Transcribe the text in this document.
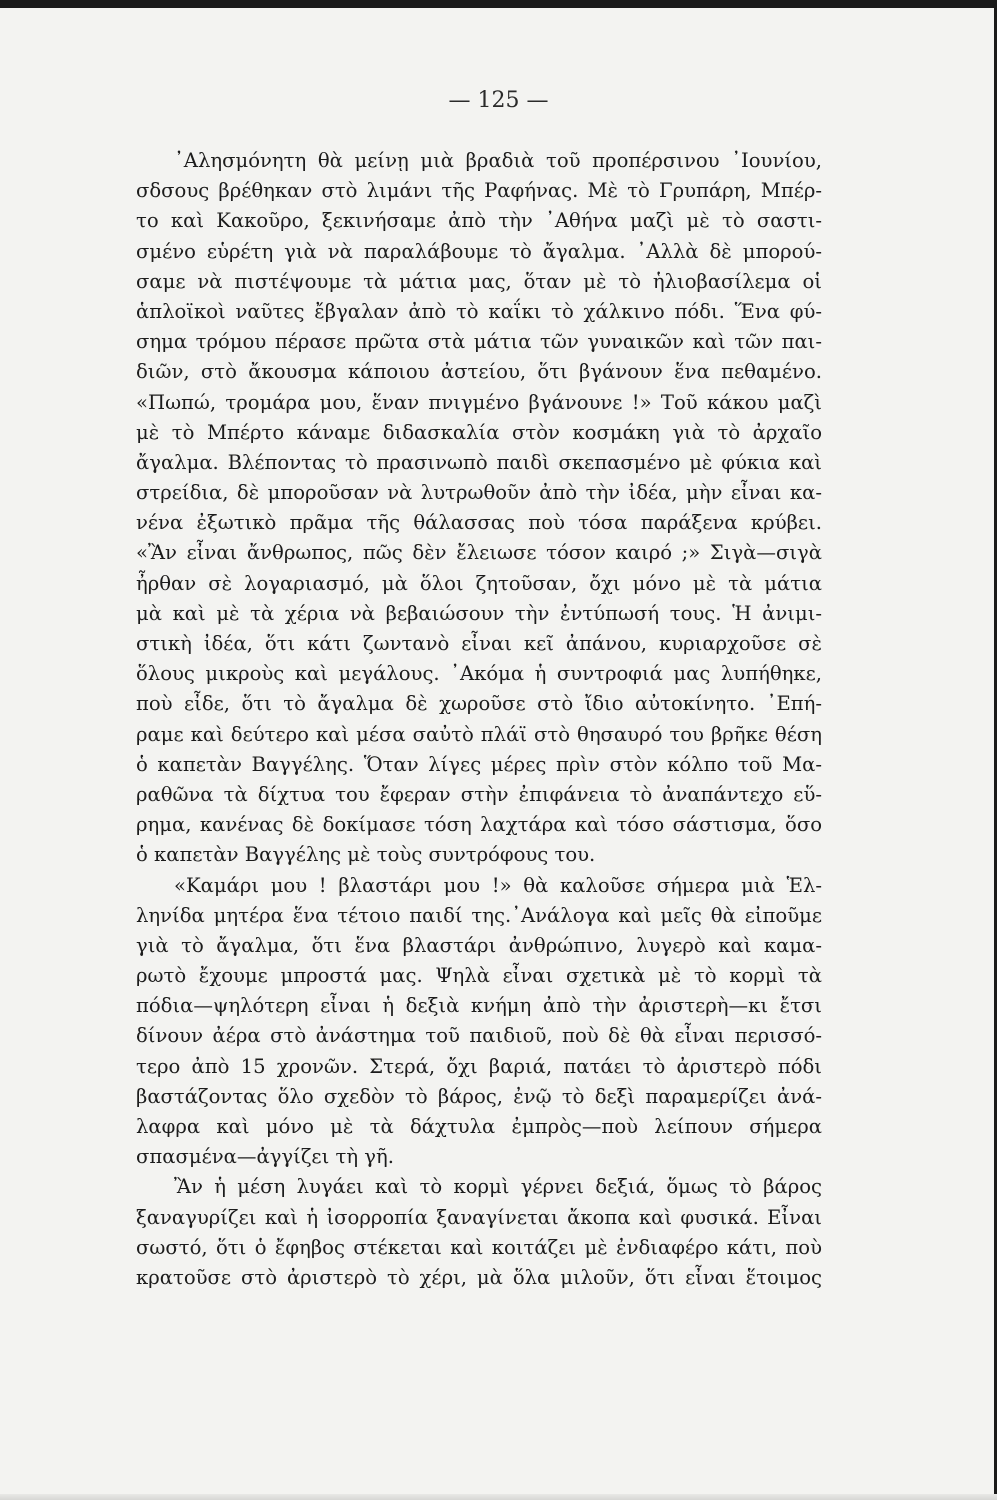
— 125 —
᾿Αλησμόνητη θὰ μείνῃ μιὰ βραδιὰ τοῦ προπέρσινου ᾿Ιουνίου,
σδσους βρέθηκαν στὸ λιμάνι τῆς Ραφήνας. Μὲ τὸ Γρυπάρη, Μπέρ-
το καὶ Κακοῦρο, ξεκινήσαμε ἀπὸ τὴν ᾿Αθήνα μαζὶ μὲ τὸ σαστι-
σμένο εὑρέτη γιὰ νὰ παραλάβουμε τὸ ἄγαλμα. ᾿Αλλὰ δὲ μπορού-
σαμε νὰ πιστέψουμε τὰ μάτια μας, ὅταν μὲ τὸ ἡλιοβασίλεμα οἱ
ἁπλοϊκοὶ ναῦτες ἔβγαλαν ἀπὸ τὸ καΐκι τὸ χάλκινο πόδι. Ἕνα φύ-
σημα τρόμου πέρασε πρῶτα στὰ μάτια τῶν γυναικῶν καὶ τῶν παι-
διῶν, στὸ ἄκουσμα κάποιου ἀστείου, ὅτι βγάνουν ἕνα πεθαμένο.
«Πωπώ, τρομάρα μου, ἕναν πνιγμένο βγάνουνε !» Τοῦ κάκου μαζὶ
μὲ τὸ Μπέρτο κάναμε διδασκαλία στὸν κοσμάκη γιὰ τὸ ἀρχαῖο
ἄγαλμα. Βλέποντας τὸ πρασινωπὸ παιδὶ σκεπασμένο μὲ φύκια καὶ
στρείδια, δὲ μποροῦσαν νὰ λυτρωθοῦν ἀπὸ τὴν ἰδέα, μὴν εἶναι κα-
νένα ἐξωτικὸ πρᾶμα τῆς θάλασσας ποὺ τόσα παράξενα κρύβει.
«Ἂν εἶναι ἄνθρωπος, πῶς δὲν ἔλειωσε τόσον καιρό ;» Σιγὰ—σιγὰ
ἦρθαν σὲ λογαριασμό, μὰ ὅλοι ζητοῦσαν, ὄχι μόνο μὲ τὰ μάτια
μὰ καὶ μὲ τὰ χέρια νὰ βεβαιώσουν τὴν ἐντύπωσή τους. Ἡ ἀνιμι-
στικὴ ἰδέα, ὅτι κάτι ζωντανὸ εἶναι κεῖ ἀπάνου, κυριαρχοῦσε σὲ
ὅλους μικροὺς καὶ μεγάλους. ᾿Ακόμα ἡ συντροφιά μας λυπήθηκε,
ποὺ εἶδε, ὅτι τὸ ἄγαλμα δὲ χωροῦσε στὸ ἴδιο αὐτοκίνητο. ᾿Επή-
ραμε καὶ δεύτερο καὶ μέσα σαὐτὸ πλάϊ στὸ θησαυρό του βρῆκε θέση
ὁ καπετὰν Βαγγέλης. Ὅταν λίγες μέρες πρὶν στὸν κόλπο τοῦ Μα-
ραθῶνα τὰ δίχτυα του ἔφεραν στὴν ἐπιφάνεια τὸ ἀναπάντεχο εὕ-
ρημα, κανένας δὲ δοκίμασε τόση λαχτάρα καὶ τόσο σάστισμα, ὅσο
ὁ καπετὰν Βαγγέλης μὲ τοὺς συντρόφους του.
«Καμάρι μου ! βλαστάρι μου !» θὰ καλοῦσε σήμερα μιὰ Ἑλ-
ληνίδα μητέρα ἕνα τέτοιο παιδί της.᾿Ανάλογα καὶ μεῖς θὰ εἰποῦμε
γιὰ τὸ ἄγαλμα, ὅτι ἕνα βλαστάρι ἀνθρώπινο, λυγερὸ καὶ καμα-
ρωτὸ ἔχουμε μπροστά μας. Ψηλὰ εἶναι σχετικὰ μὲ τὸ κορμὶ τὰ
πόδια—ψηλότερη εἶναι ἡ δεξιὰ κνήμη ἀπὸ τὴν ἀριστερὴ—κι ἔτσι
δίνουν ἀέρα στὸ ἀνάστημα τοῦ παιδιοῦ, ποὺ δὲ θὰ εἶναι περισσό-
τερο ἀπὸ 15 χρονῶν. Στερά, ὄχι βαριά, πατάει τὸ ἀριστερὸ πόδι
βαστάζοντας ὅλο σχεδὸν τὸ βάρος, ἐνῷ τὸ δεξὶ παραμερίζει ἀνά-
λαφρα καὶ μόνο μὲ τὰ δάχτυλα ἐμπρὸς—ποὺ λείπουν σήμερα
σπασμένα—ἀγγίζει τὴ γῆ.
Ἂν ἡ μέση λυγάει καὶ τὸ κορμὶ γέρνει δεξιά, ὅμως τὸ βάρος
ξαναγυρίζει καὶ ἡ ἰσορροπία ξαναγίνεται ἄκοπα καὶ φυσικά. Εἶναι
σωστό, ὅτι ὁ ἔφηβος στέκεται καὶ κοιτάζει μὲ ἐνδιαφέρο κάτι, ποὺ
κρατοῦσε στὸ ἀριστερὸ τὸ χέρι, μὰ ὅλα μιλοῦν, ὅτι εἶναι ἕτοιμος
